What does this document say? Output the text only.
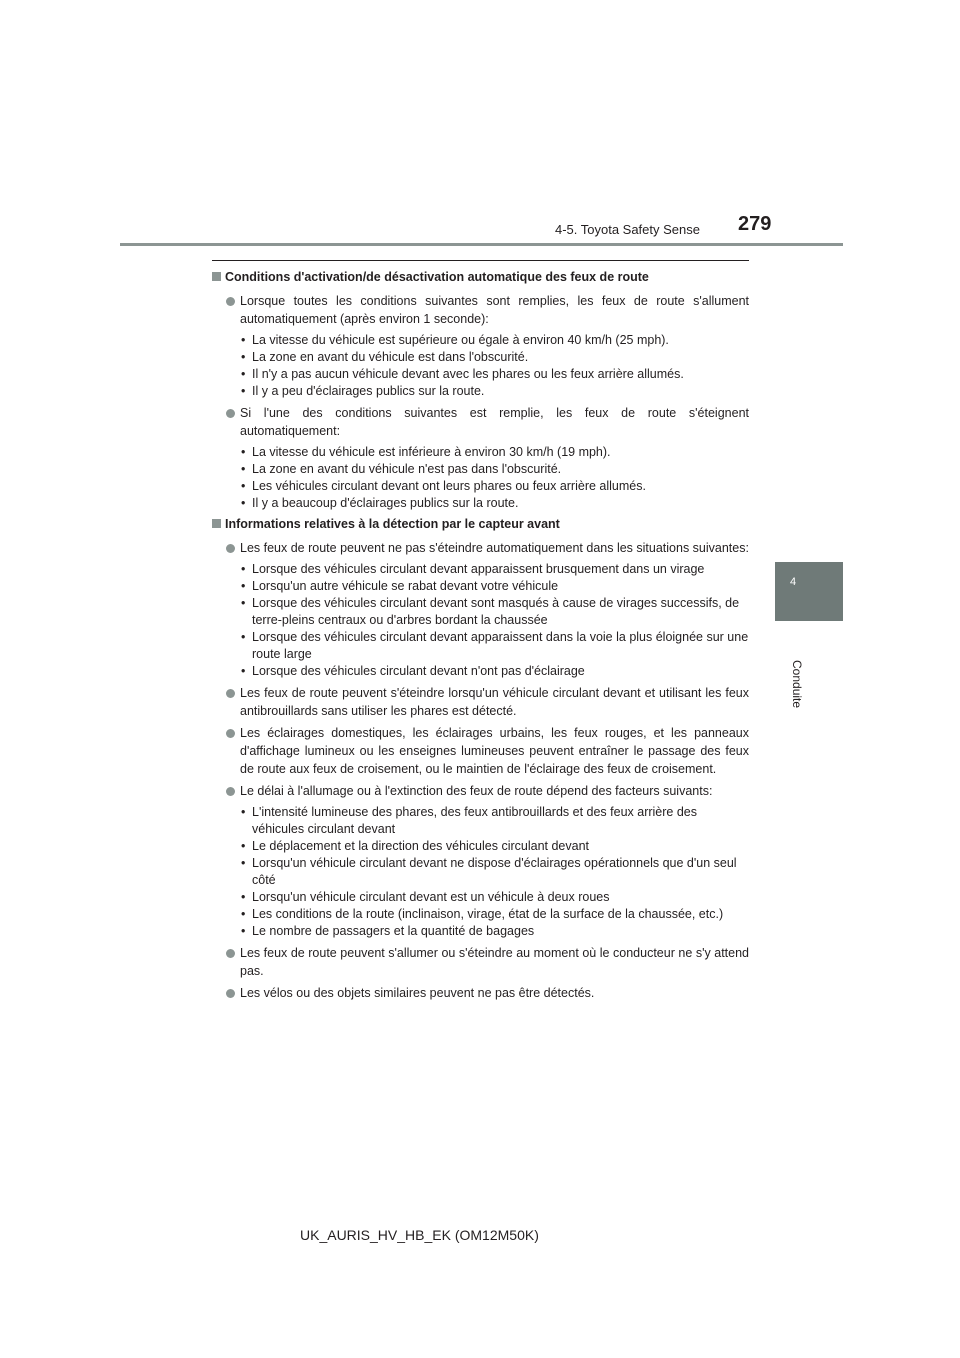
4-5. Toyota Safety Sense 279
4
Conduite
Conditions d'activation/de désactivation automatique des feux de route
Lorsque toutes les conditions suivantes sont remplies, les feux de route s'allument automatiquement (après environ 1 seconde):
• La vitesse du véhicule est supérieure ou égale à environ 40 km/h (25 mph).
• La zone en avant du véhicule est dans l'obscurité.
• Il n'y a pas aucun véhicule devant avec les phares ou les feux arrière allumés.
• Il y a peu d'éclairages publics sur la route.
Si l'une des conditions suivantes est remplie, les feux de route s'éteignent automatiquement:
• La vitesse du véhicule est inférieure à environ 30 km/h (19 mph).
• La zone en avant du véhicule n'est pas dans l'obscurité.
• Les véhicules circulant devant ont leurs phares ou feux arrière allumés.
• Il y a beaucoup d'éclairages publics sur la route.
Informations relatives à la détection par le capteur avant
Les feux de route peuvent ne pas s'éteindre automatiquement dans les situations suivantes:
• Lorsque des véhicules circulant devant apparaissent brusquement dans un virage
• Lorsqu'un autre véhicule se rabat devant votre véhicule
• Lorsque des véhicules circulant devant sont masqués à cause de virages successifs, de terre-pleins centraux ou d'arbres bordant la chaussée
• Lorsque des véhicules circulant devant apparaissent dans la voie la plus éloignée sur une route large
• Lorsque des véhicules circulant devant n'ont pas d'éclairage
Les feux de route peuvent s'éteindre lorsqu'un véhicule circulant devant et utilisant les feux antibrouillards sans utiliser les phares est détecté.
Les éclairages domestiques, les éclairages urbains, les feux rouges, et les panneaux d'affichage lumineux ou les enseignes lumineuses peuvent entraîner le passage des feux de route aux feux de croisement, ou le maintien de l'éclairage des feux de croisement.
Le délai à l'allumage ou à l'extinction des feux de route dépend des facteurs suivants:
• L'intensité lumineuse des phares, des feux antibrouillards et des feux arrière des véhicules circulant devant
• Le déplacement et la direction des véhicules circulant devant
• Lorsqu'un véhicule circulant devant ne dispose d'éclairages opérationnels que d'un seul côté
• Lorsqu'un véhicule circulant devant est un véhicule à deux roues
• Les conditions de la route (inclinaison, virage, état de la surface de la chaussée, etc.)
• Le nombre de passagers et la quantité de bagages
Les feux de route peuvent s'allumer ou s'éteindre au moment où le conducteur ne s'y attend pas.
Les vélos ou des objets similaires peuvent ne pas être détectés.
UK_AURIS_HV_HB_EK (OM12M50K)
